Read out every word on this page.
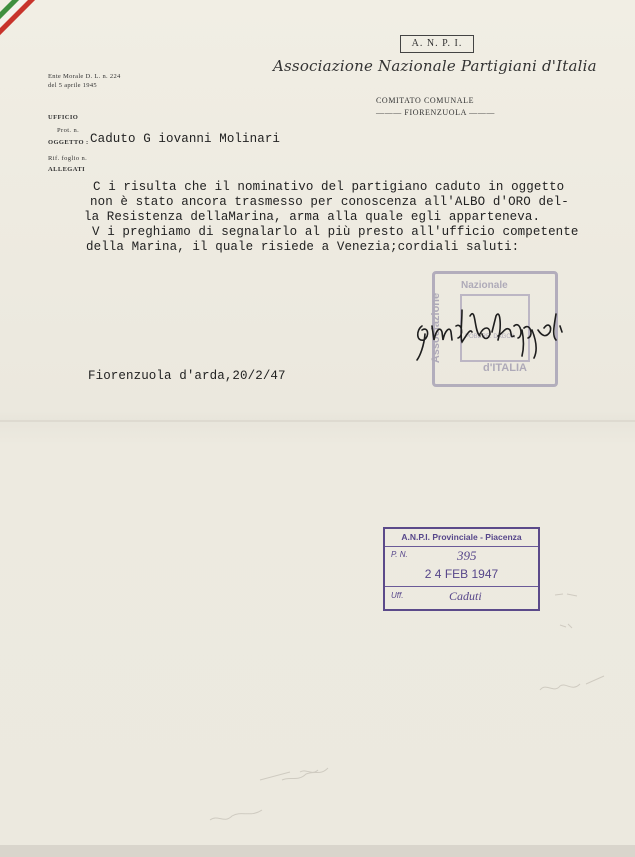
Ente Morale D. L. n. 224
del 5 aprile 1945
A. N. P. I.
Associazione Nazionale Partigiani d'Italia
COMITATO COMUNALE
——— FIORENZUOLA ———
UFFICIO
Prot. n.
OGGETTO :
Rif. foglio n.
ALLEGATI
Caduto G iovanni Molinari
C i risulta che il nominativo del partigiano caduto in oggetto
non è stato ancora trasmesso per conoscenza all'ALBO d'ORO del-
la Resistenza dellaMarina, arma alla quale egli apparteneva.
V i preghiamo di segnalarlo al più presto all'ufficio competente
della Marina, il quale risiede a Venezia;cordiali saluti:
Fiorenzuola d'arda,20/2/47
Associazione
Nazionale
POBERE. DAGOA
d'ITALIA
A.N.P.I. Provinciale - Piacenza
P. N.	395
2 4 FEB 1947
Uff.	Caduti
